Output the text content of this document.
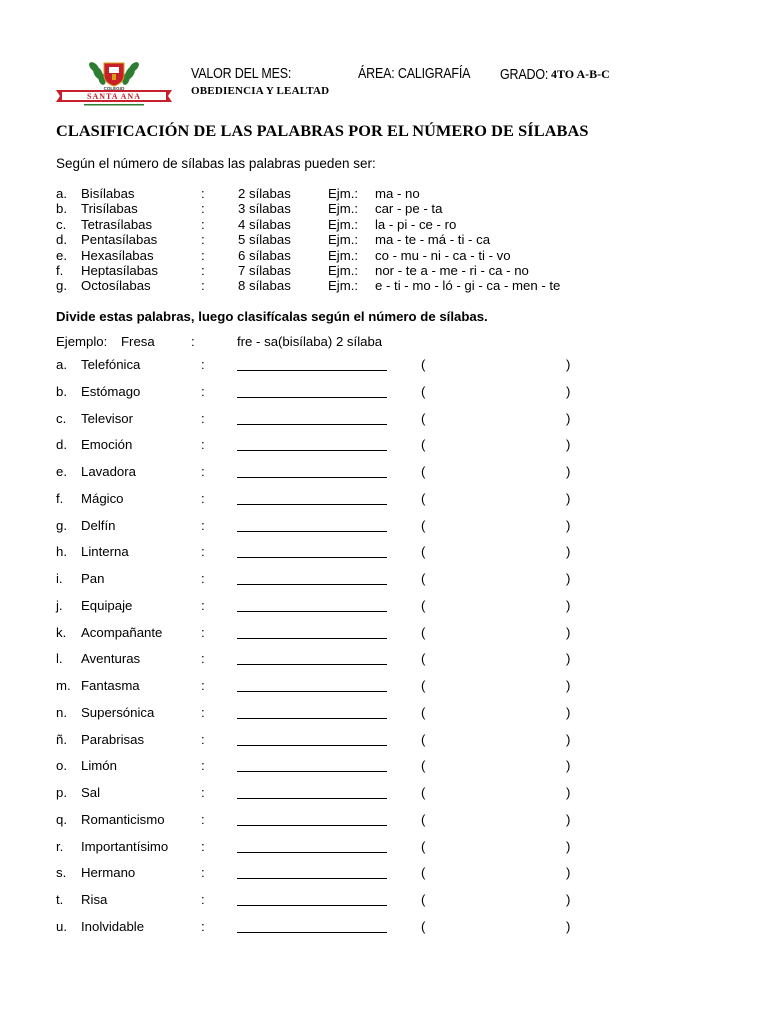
SANTA ANA
COLEGIO
VALOR DEL MES:	ÁREA: CALIGRAFÍA GRADO: 4TO A-B-C
OBEDIENCIA Y LEALTAD
CLASIFICACIÓN DE LAS PALABRAS POR EL NÚMERO DE SÍLABAS
Según el número de sílabas las palabras pueden ser:
a. Bisílabas	:	2 sílabas	Ejm.: ma - no
b. Trisílabas	:	3 sílabas	Ejm.: car - pe - ta
c. Tetrasílabas	:	4 sílabas	Ejm.: la - pi - ce - ro
d. Pentasílabas	:	5 sílabas	Ejm.: ma - te - má - ti - ca
e. Hexasílabas	:	6 sílabas	Ejm.: co - mu - ni - ca - ti - vo
f. Heptasílabas	:	7 sílabas	Ejm.: nor - te a - me - ri - ca - no
g. Octosílabas	:	8 sílabas	Ejm.: e - ti - mo - ló - gi - ca - men - te
Divide estas palabras, luego clasifícalas según el número de sílabas.
Ejemplo: Fresa	:	fre - sa(bisílaba) 2 sílaba
a. Telefónica	:	(	)
b. Estómago	:	(	)
c. Televisor	:	(	)
d. Emoción	:	(	)
e. Lavadora	:	(	)
f. Mágico	:	(	)
g. Delfín	:	(	)
h. Linterna	:	(	)
i. Pan	:	(	)
j. Equipaje	:	(	)
k. Acompañante	:	(	)
l. Aventuras	:	(	)
m. Fantasma	:	(	)
n. Supersónica	:	(	)
ñ. Parabrisas	:	(	)
o. Limón	:	(	)
p. Sal	:	(	)
q. Romanticismo	:	(	)
r. Importantísimo :	(	)
s. Hermano	:	(	)
t. Risa	:	(	)
u. Inolvidable	:	(	)
